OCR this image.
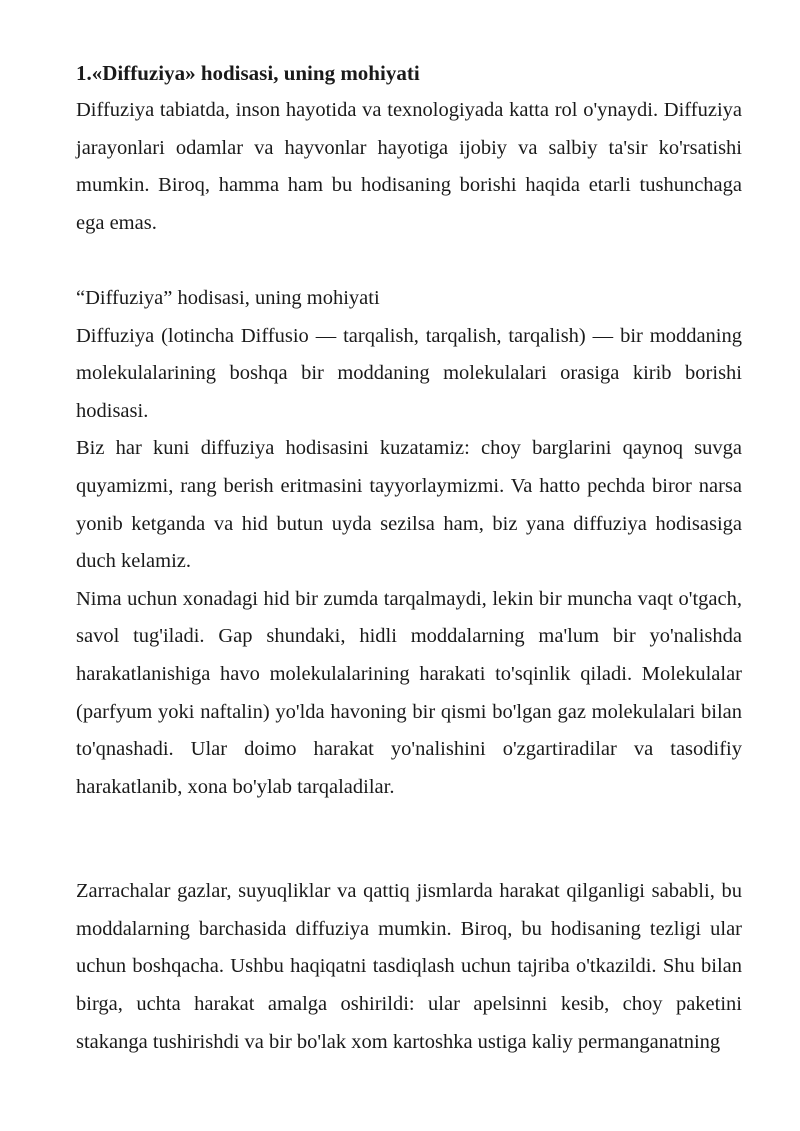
1.«Diffuziya» hodisasi, uning mohiyati

Diffuziya tabiatda, inson hayotida va texnologiyada katta rol o'ynaydi. Diffuziya jarayonlari odamlar va hayvonlar hayotiga ijobiy va salbiy ta'sir ko'rsatishi mumkin. Biroq, hamma ham bu hodisaning borishi haqida etarli tushunchaga ega emas.

“Diffuziya” hodisasi, uning mohiyati

Diffuziya (lotincha Diffusio — tarqalish, tarqalish, tarqalish) — bir moddaning molekulalarining boshqa bir moddaning molekulalari orasiga kirib borishi hodisasi.

Biz har kuni diffuziya hodisasini kuzatamiz: choy barglarini qaynoq suvga quyamizmi, rang berish eritmasini tayyorlaymizmi. Va hatto pechda biror narsa yonib ketganda va hid butun uyda sezilsa ham, biz yana diffuziya hodisasiga duch kelamiz.

Nima uchun xonadagi hid bir zumda tarqalmaydi, lekin bir muncha vaqt o'tgach, savol tug'iladi. Gap shundaki, hidli moddalarning ma'lum bir yo'nalishda harakatlanishiga havo molekulalarining harakati to'sqinlik qiladi. Molekulalar (parfyum yoki naftalin) yo'lda havoning bir qismi bo'lgan gaz molekulalari bilan to'qnashadi. Ular doimo harakat yo'nalishini o'zgartiradilar va tasodifiy harakatlanib, xona bo'ylab tarqaladilar.

Zarrachalar gazlar, suyuqliklar va qattiq jismlarda harakat qilganligi sababli, bu moddalarning barchasida diffuziya mumkin. Biroq, bu hodisaning tezligi ular uchun boshqacha. Ushbu haqiqatni tasdiqlash uchun tajriba o'tkazildi. Shu bilan birga, uchta harakat amalga oshirildi: ular apelsinni kesib, choy paketini stakanga tushirishdi va bir bo'lak xom kartoshka ustiga kaliy permanganatning
